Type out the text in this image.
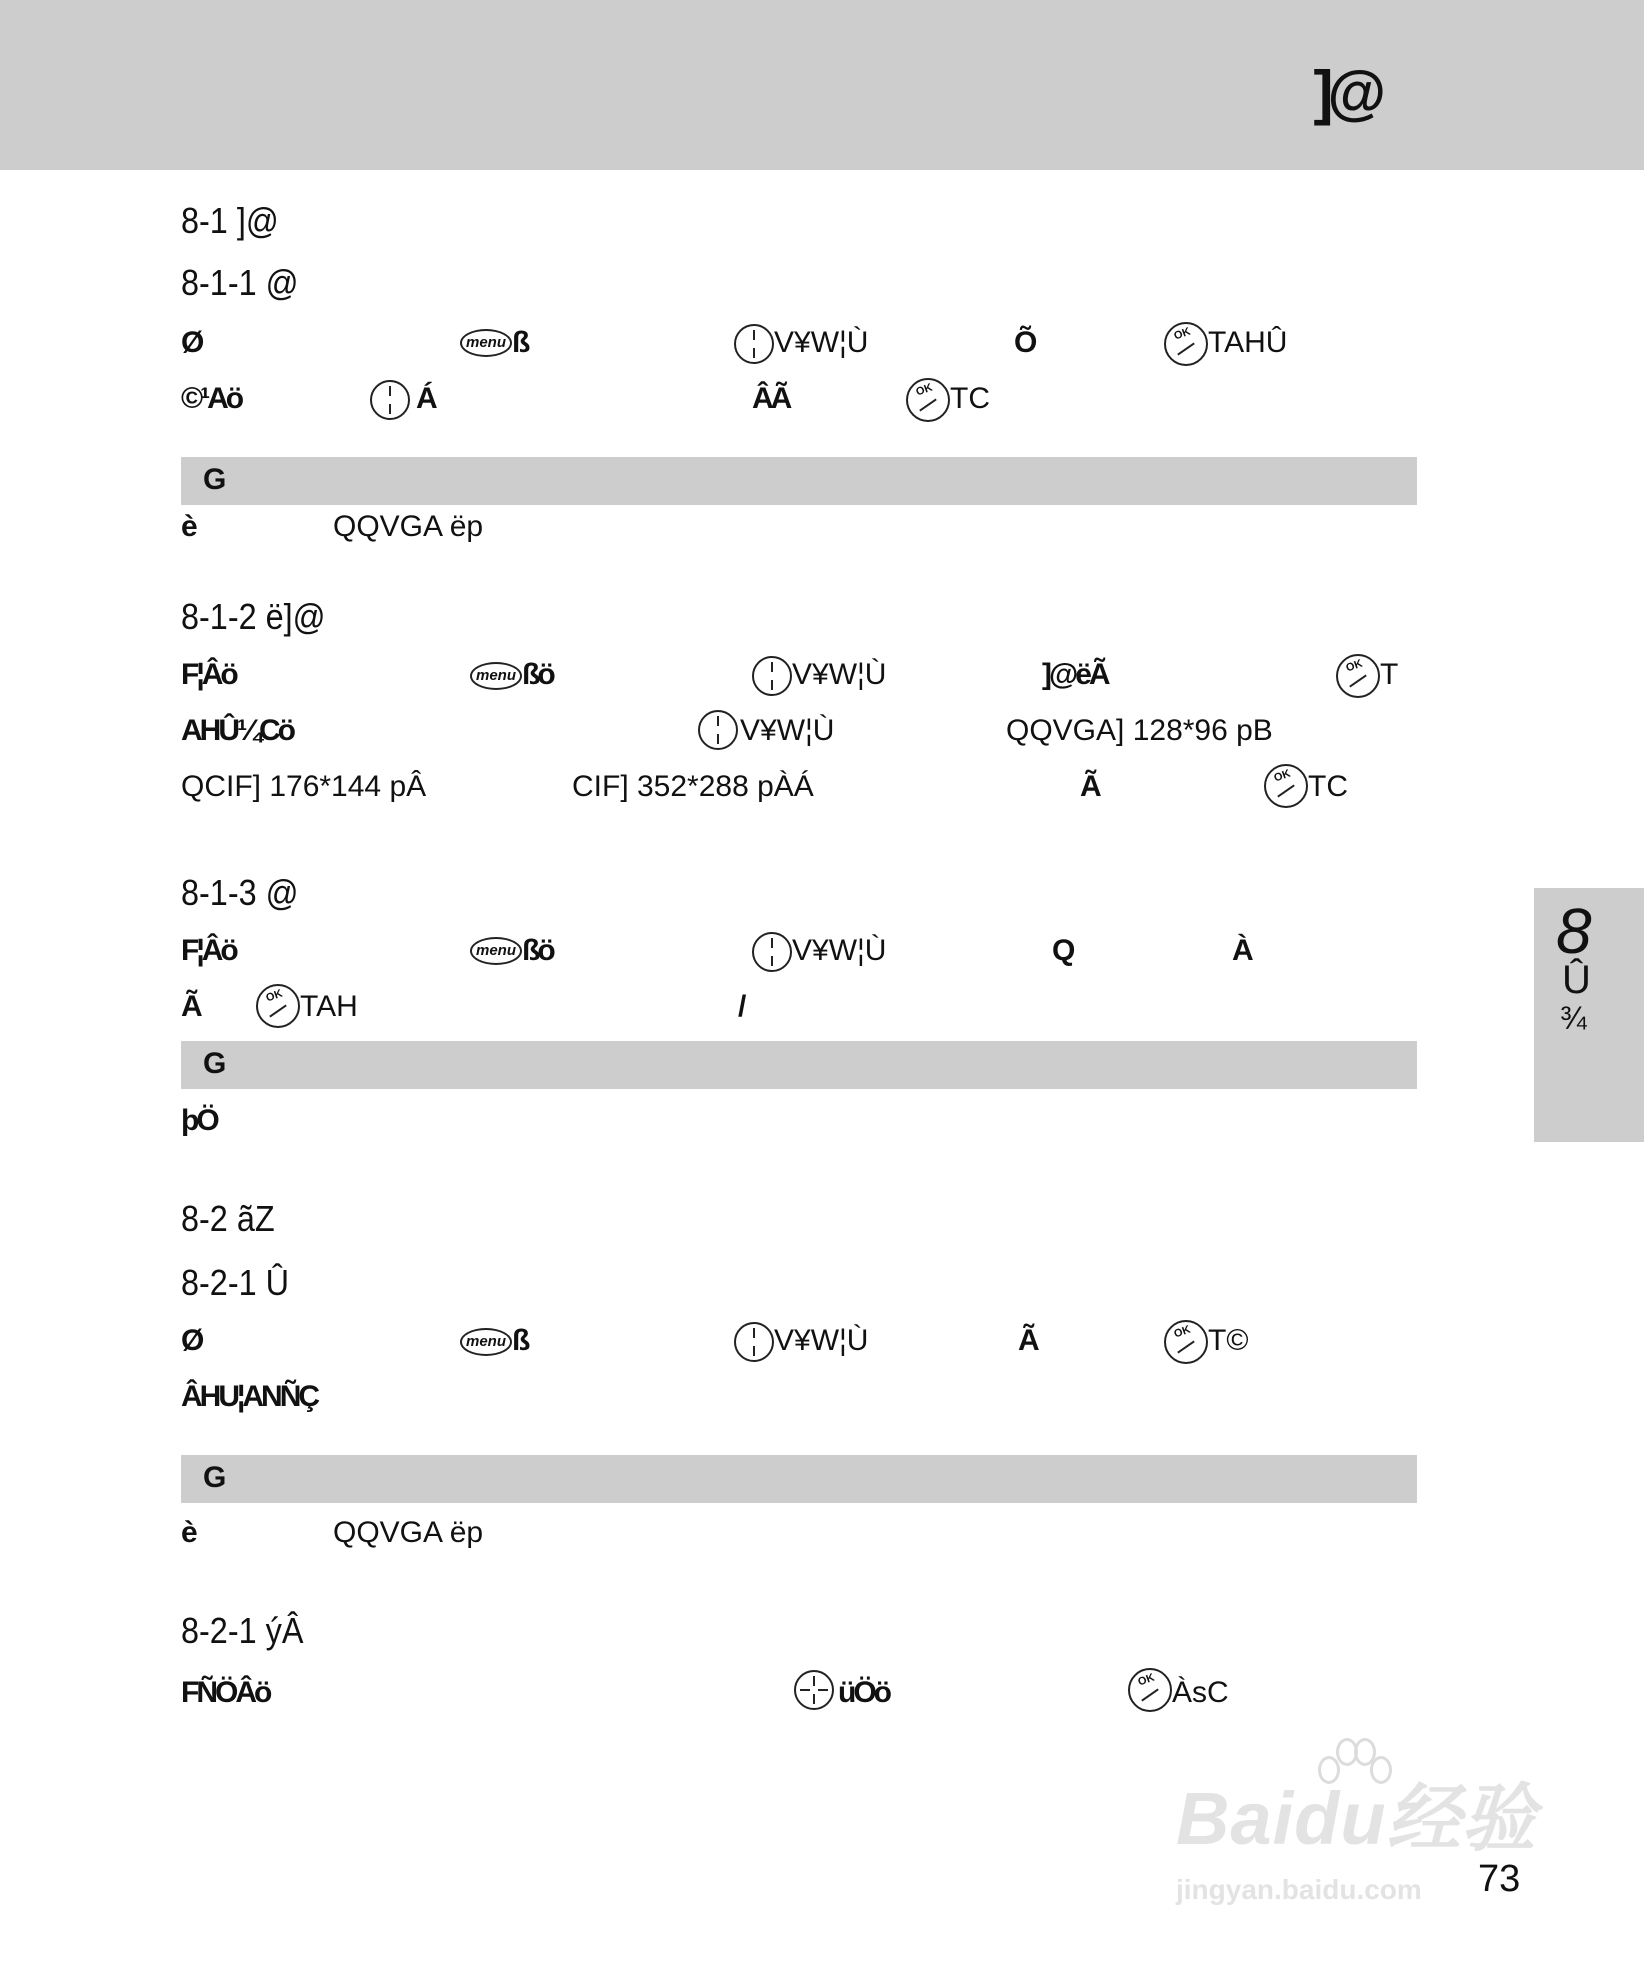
]@
8
Û
¾
8-1 ]@
8-1-1 @
Ø	menu ß	V¥W¦Ù	Õ	OK TAHÛ
©¹Aö	Á	ÂÃ	OK TC
G
è	QQVGA ëp
8-1-2 ë]@
F¦Âö	menu ßö	V¥W¦Ù	]@ëÃ	OK T
AHÛ¼Cö	V¥W¦Ù	QQVGA] 128*96 pB
QCIF] 176*144 pÂ	CIF] 352*288 pÀÁ	Ã	OK TC
8-1-3 @
F¦Âö	menu ßö	V¥W¦Ù	Q	À
Ã	OK TAH	/
G
þÖ
8-2 ãZ
8-2-1 Û
Ø	menu ß	V¥W¦Ù	Ã	OK T©
ÂHU¦ANÑÇ
G
è	QQVGA ëp
8-2-1 ýÂ
FÑÖÂö	üÖö	OK ÀsC
Baidu经验
jingyan.baidu.com 73
